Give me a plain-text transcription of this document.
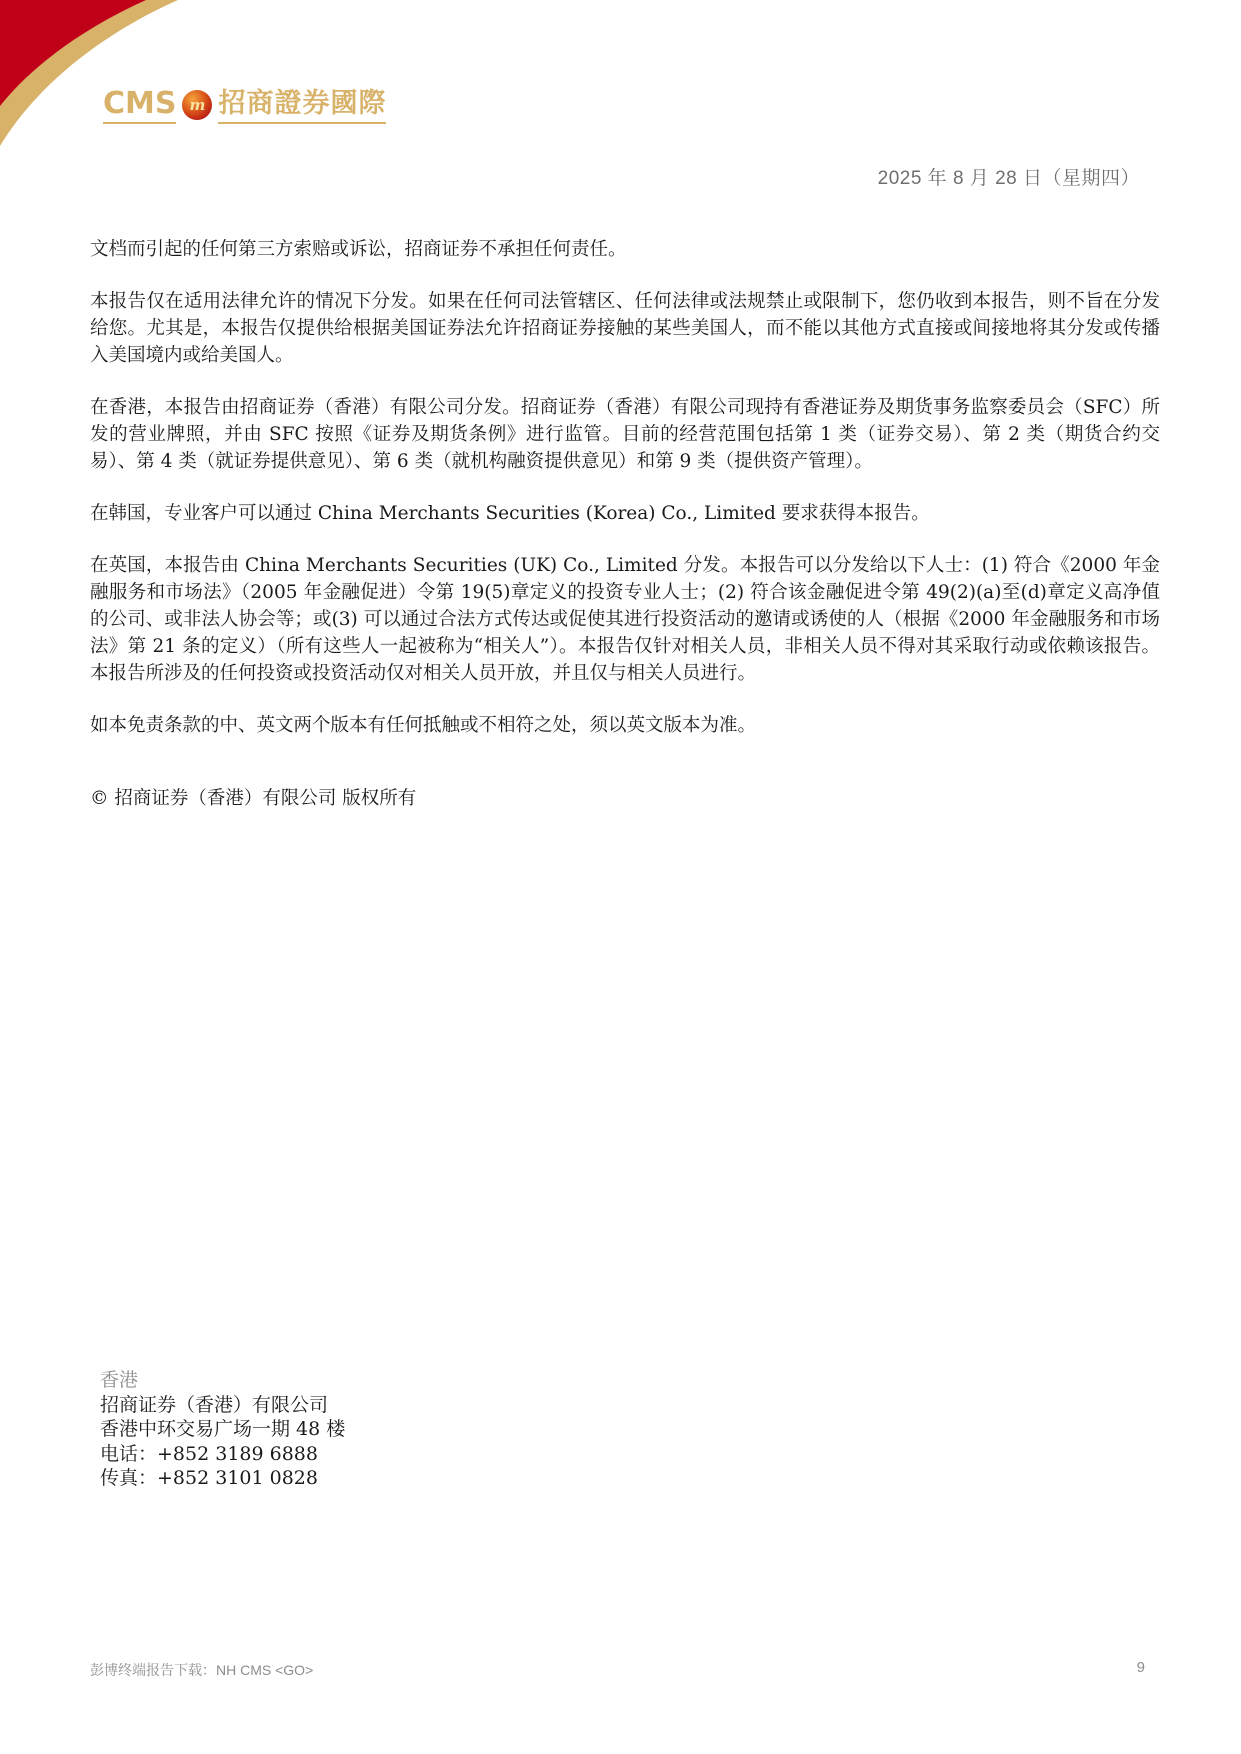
CMS m 招商證券國際
2025 年 8 月 28 日（星期四）

文档而引起的任何第三方索赔或诉讼，招商证券不承担任何责任。

本报告仅在适用法律允许的情况下分发。如果在任何司法管辖区、任何法律或法规禁止或限制下，您仍收到本报告，则不旨在分发给您。尤其是，本报告仅提供给根据美国证券法允许招商证券接触的某些美国人，而不能以其他方式直接或间接地将其分发或传播入美国境内或给美国人。

在香港，本报告由招商证券（香港）有限公司分发。招商证券（香港）有限公司现持有香港证券及期货事务监察委员会（SFC）所发的营业牌照，并由 SFC 按照《证券及期货条例》进行监管。目前的经营范围包括第 1 类（证券交易）、第 2 类（期货合约交易）、第 4 类（就证券提供意见）、第 6 类（就机构融资提供意见）和第 9 类（提供资产管理）。

在韩国，专业客户可以通过 China Merchants Securities (Korea) Co., Limited 要求获得本报告。

在英国，本报告由 China Merchants Securities (UK) Co., Limited 分发。本报告可以分发给以下人士：(1) 符合《2000 年金融服务和市场法》（2005 年金融促进）令第 19(5)章定义的投资专业人士；(2) 符合该金融促进令第 49(2)(a)至(d)章定义高净值的公司、或非法人协会等；或(3) 可以通过合法方式传达或促使其进行投资活动的邀请或诱使的人（根据《2000 年金融服务和市场法》第 21 条的定义）（所有这些人一起被称为“相关人”）。本报告仅针对相关人员，非相关人员不得对其采取行动或依赖该报告。本报告所涉及的任何投资或投资活动仅对相关人员开放，并且仅与相关人员进行。

如本免责条款的中、英文两个版本有任何抵触或不相符之处，须以英文版本为准。

© 招商证券（香港）有限公司 版权所有
香港
招商证券（香港）有限公司
香港中环交易广场一期 48 楼
电话：+852 3189 6888
传真：+852 3101 0828
彭博终端报告下载：NH CMS <GO>	9
